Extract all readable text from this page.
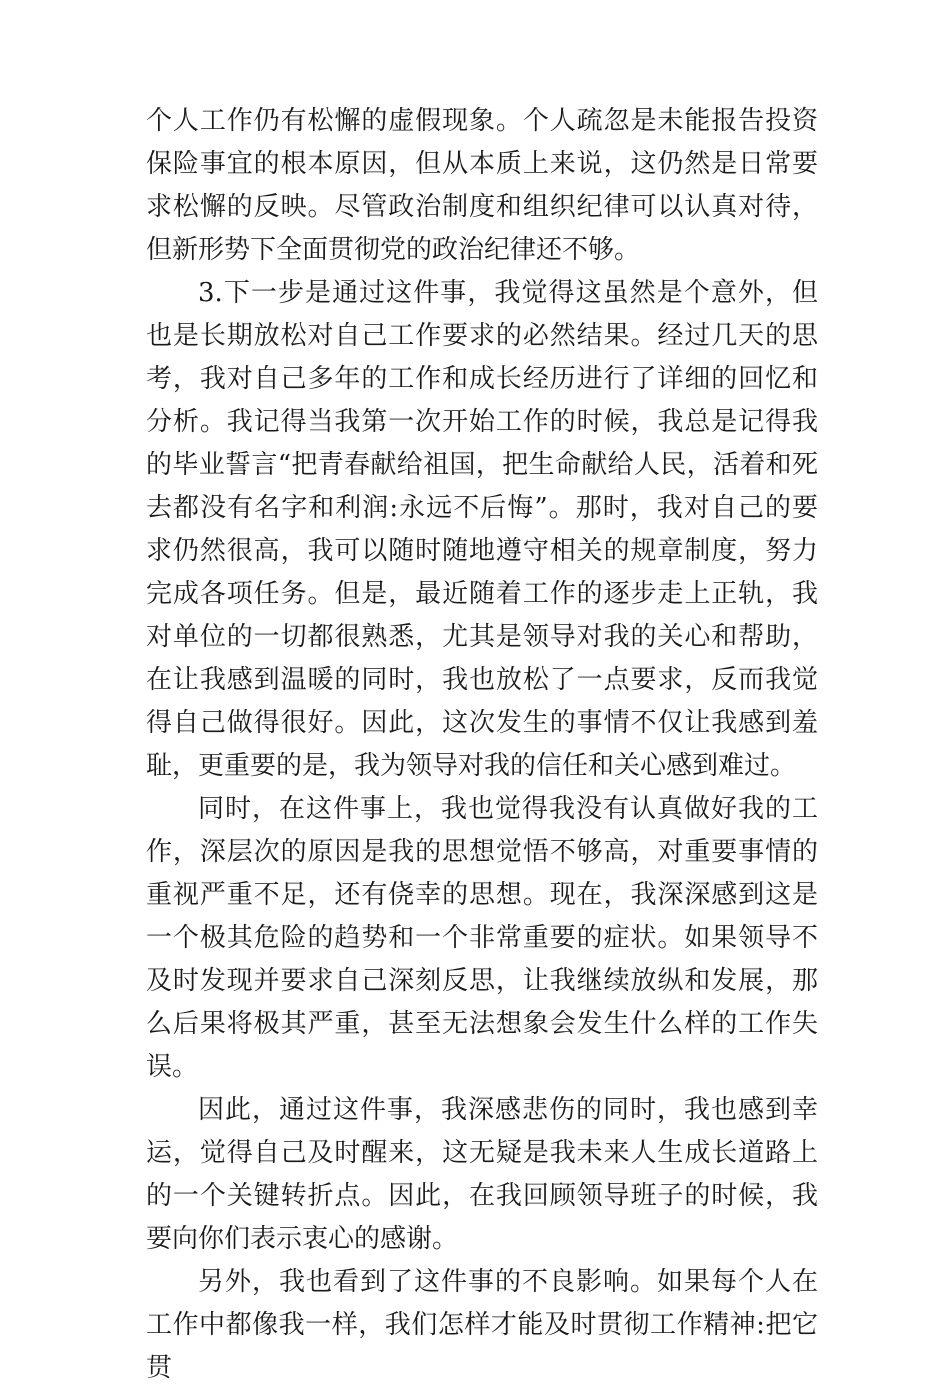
个人工作仍有松懈的虚假现象。个人疏忽是未能报告投资保险事宜的根本原因，但从本质上来说，这仍然是日常要求松懈的反映。尽管政治制度和组织纪律可以认真对待，但新形势下全面贯彻党的政治纪律还不够。

3.下一步是通过这件事，我觉得这虽然是个意外，但也是长期放松对自己工作要求的必然结果。经过几天的思考，我对自己多年的工作和成长经历进行了详细的回忆和分析。我记得当我第一次开始工作的时候，我总是记得我的毕业誓言“把青春献给祖国，把生命献给人民，活着和死去都没有名字和利润:永远不后悔”。那时，我对自己的要求仍然很高，我可以随时随地遵守相关的规章制度，努力完成各项任务。但是，最近随着工作的逐步走上正轨，我对单位的一切都很熟悉，尤其是领导对我的关心和帮助，在让我感到温暖的同时，我也放松了一点要求，反而我觉得自己做得很好。因此，这次发生的事情不仅让我感到羞耻，更重要的是，我为领导对我的信任和关心感到难过。

同时，在这件事上，我也觉得我没有认真做好我的工作，深层次的原因是我的思想觉悟不够高，对重要事情的重视严重不足，还有侥幸的思想。现在，我深深感到这是一个极其危险的趋势和一个非常重要的症状。如果领导不及时发现并要求自己深刻反思，让我继续放纵和发展，那么后果将极其严重，甚至无法想象会发生什么样的工作失误。

因此，通过这件事，我深感悲伤的同时，我也感到幸运，觉得自己及时醒来，这无疑是我未来人生成长道路上的一个关键转折点。因此，在我回顾领导班子的时候，我要向你们表示衷心的感谢。

另外，我也看到了这件事的不良影响。如果每个人在工作中都像我一样，我们怎样才能及时贯彻工作精神:把它贯
